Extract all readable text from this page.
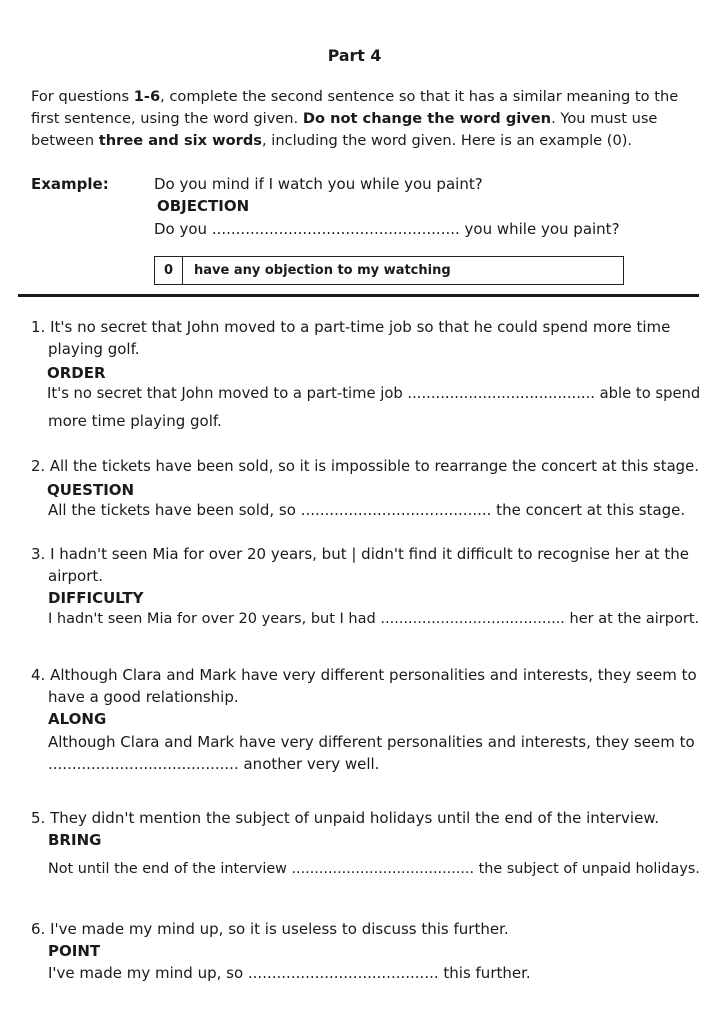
Part 4
For questions 1-6, complete the second sentence so that it has a similar meaning to the
first sentence, using the word given. Do not change the word given. You must use
between three and six words, including the word given. Here is an example (0).
Example:	Do you mind if I watch you while you paint?
OBJECTION
Do you .................................................... you while you paint?
0	have any objection to my watching
1. It's no secret that John moved to a part-time job so that he could spend more time
playing golf.
ORDER
It's no secret that John moved to a part-time job ........................................ able to spend
more time playing golf.
2. All the tickets have been sold, so it is impossible to rearrange the concert at this stage.
QUESTION
All the tickets have been sold, so ........................................ the concert at this stage.
3. I hadn't seen Mia for over 20 years, but | didn't find it difficult to recognise her at the
airport.
DIFFICULTY
I hadn't seen Mia for over 20 years, but I had ........................................ her at the airport.
4. Although Clara and Mark have very different personalities and interests, they seem to
have a good relationship.
ALONG
Although Clara and Mark have very different personalities and interests, they seem to
........................................ another very well.
5. They didn't mention the subject of unpaid holidays until the end of the interview.
BRING
Not until the end of the interview ........................................ the subject of unpaid holidays.
6. I've made my mind up, so it is useless to discuss this further.
POINT
I've made my mind up, so ........................................ this further.
